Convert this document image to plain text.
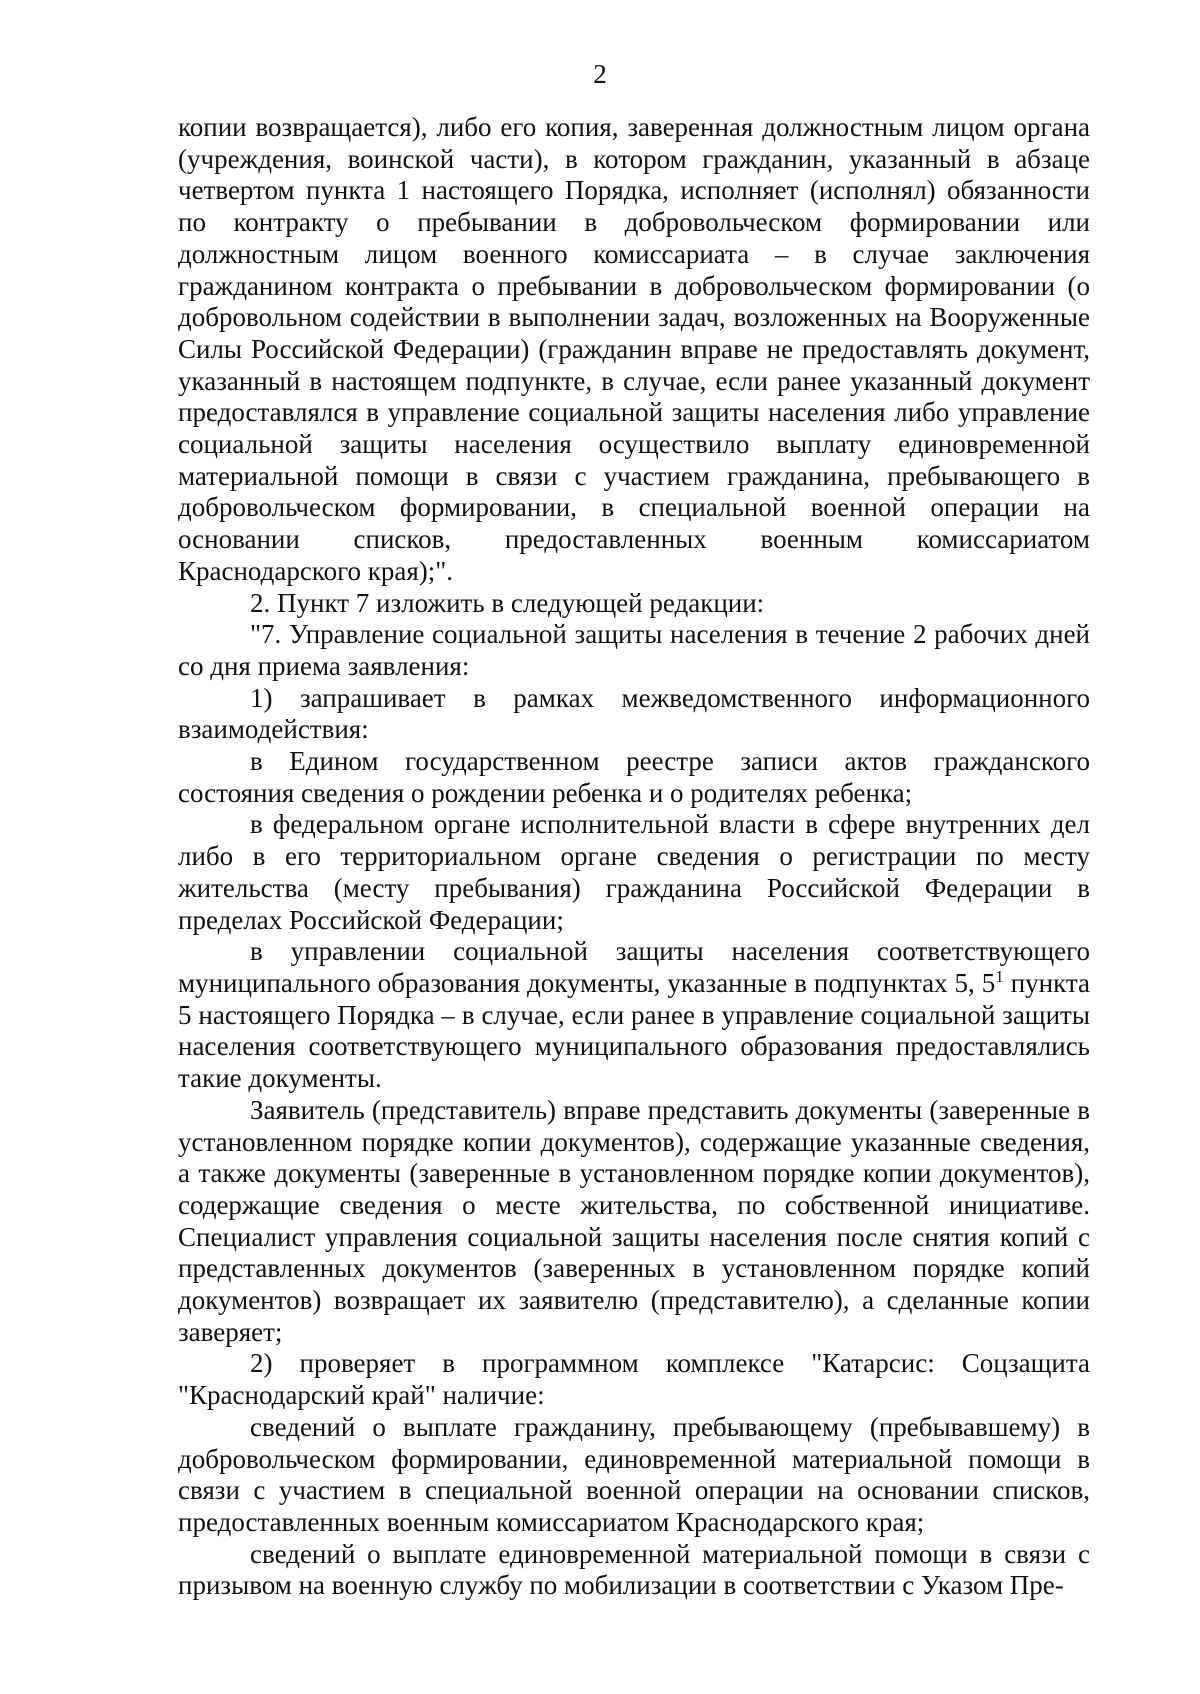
2

копии возвращается), либо его копия, заверенная должностным лицом органа (учреждения, воинской части), в котором гражданин, указанный в абзаце четвертом пункта 1 настоящего Порядка, исполняет (исполнял) обязанности по контракту о пребывании в добровольческом формировании или должностным лицом военного комиссариата – в случае заключения гражданином контракта о пребывании в добровольческом формировании (о добровольном содействии в выполнении задач, возложенных на Вооруженные Силы Российской Федерации) (гражданин вправе не предоставлять документ, указанный в настоящем подпункте, в случае, если ранее указанный документ предоставлялся в управление социальной защиты населения либо управление социальной защиты населения осуществило выплату единовременной материальной помощи в связи с участием гражданина, пребывающего в добровольческом формировании, в специальной военной операции на основании списков, предоставленных военным комиссариатом Краснодарского края);".

2. Пункт 7 изложить в следующей редакции:

"7. Управление социальной защиты населения в течение 2 рабочих дней со дня приема заявления:

1) запрашивает в рамках межведомственного информационного взаимодействия:

в Едином государственном реестре записи актов гражданского состояния сведения о рождении ребенка и о родителях ребенка;

в федеральном органе исполнительной власти в сфере внутренних дел либо в его территориальном органе сведения о регистрации по месту жительства (месту пребывания) гражданина Российской Федерации в пределах Российской Федерации;

в управлении социальной защиты населения соответствующего муниципального образования документы, указанные в подпунктах 5, $5^1$ пункта 5 настоящего Порядка – в случае, если ранее в управление социальной защиты населения соответствующего муниципального образования предоставлялись такие документы.

Заявитель (представитель) вправе представить документы (заверенные в установленном порядке копии документов), содержащие указанные сведения, а также документы (заверенные в установленном порядке копии документов), содержащие сведения о месте жительства, по собственной инициативе. Специалист управления социальной защиты населения после снятия копий с представленных документов (заверенных в установленном порядке копий документов) возвращает их заявителю (представителю), а сделанные копии заверяет;

2) проверяет в программном комплексе "Катарсис: Соцзащита "Краснодарский край" наличие:

сведений о выплате гражданину, пребывающему (пребывавшему) в добровольческом формировании, единовременной материальной помощи в связи с участием в специальной военной операции на основании списков, предоставленных военным комиссариатом Краснодарского края;

сведений о выплате единовременной материальной помощи в связи с призывом на военную службу по мобилизации в соответствии с Указом Пре-
